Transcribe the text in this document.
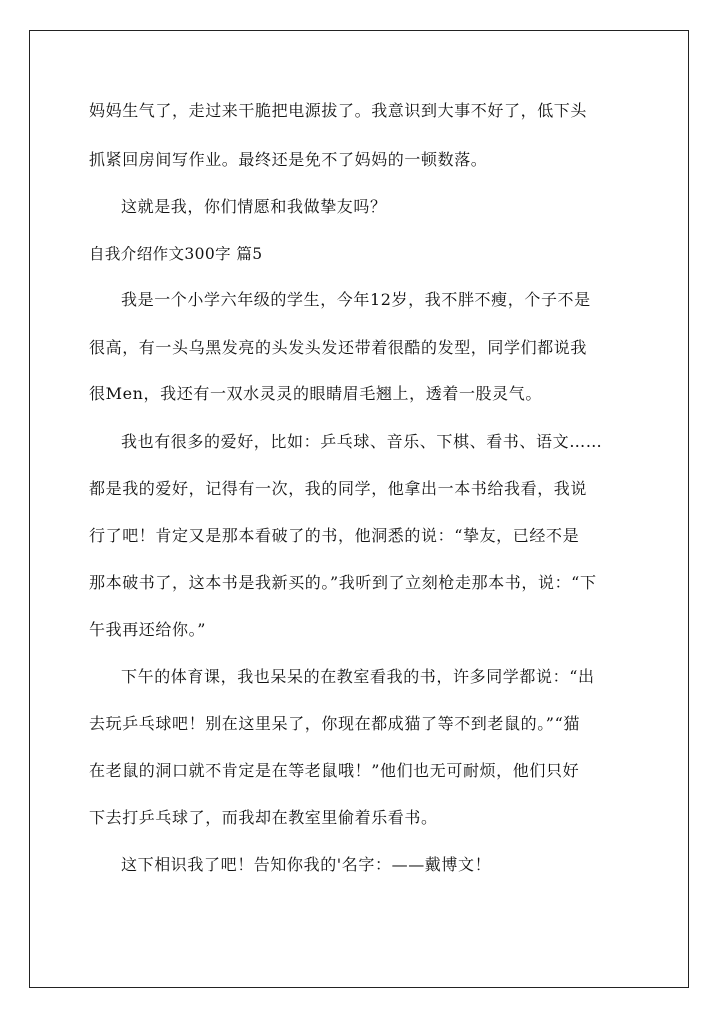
妈妈生气了，走过来干脆把电源拔了。我意识到大事不好了，低下头
抓紧回房间写作业。最终还是免不了妈妈的一顿数落。
这就是我，你们情愿和我做挚友吗？
自我介绍作文300字 篇5
我是一个小学六年级的学生，今年12岁，我不胖不瘦，个子不是
很高，有一头乌黑发亮的头发头发还带着很酷的发型，同学们都说我
很Men，我还有一双水灵灵的眼睛眉毛翘上，透着一股灵气。
我也有很多的爱好，比如：乒乓球、音乐、下棋、看书、语文……
都是我的爱好，记得有一次，我的同学，他拿出一本书给我看，我说
行了吧！肯定又是那本看破了的书，他洞悉的说：“挚友，已经不是
那本破书了，这本书是我新买的。”我听到了立刻枪走那本书，说：“下
午我再还给你。”
下午的体育课，我也呆呆的在教室看我的书，许多同学都说：“出
去玩乒乓球吧！别在这里呆了，你现在都成猫了等不到老鼠的。”“猫
在老鼠的洞口就不肯定是在等老鼠哦！”他们也无可耐烦，他们只好
下去打乒乓球了，而我却在教室里偷着乐看书。
这下相识我了吧！告知你我的'名字：——戴博文！
